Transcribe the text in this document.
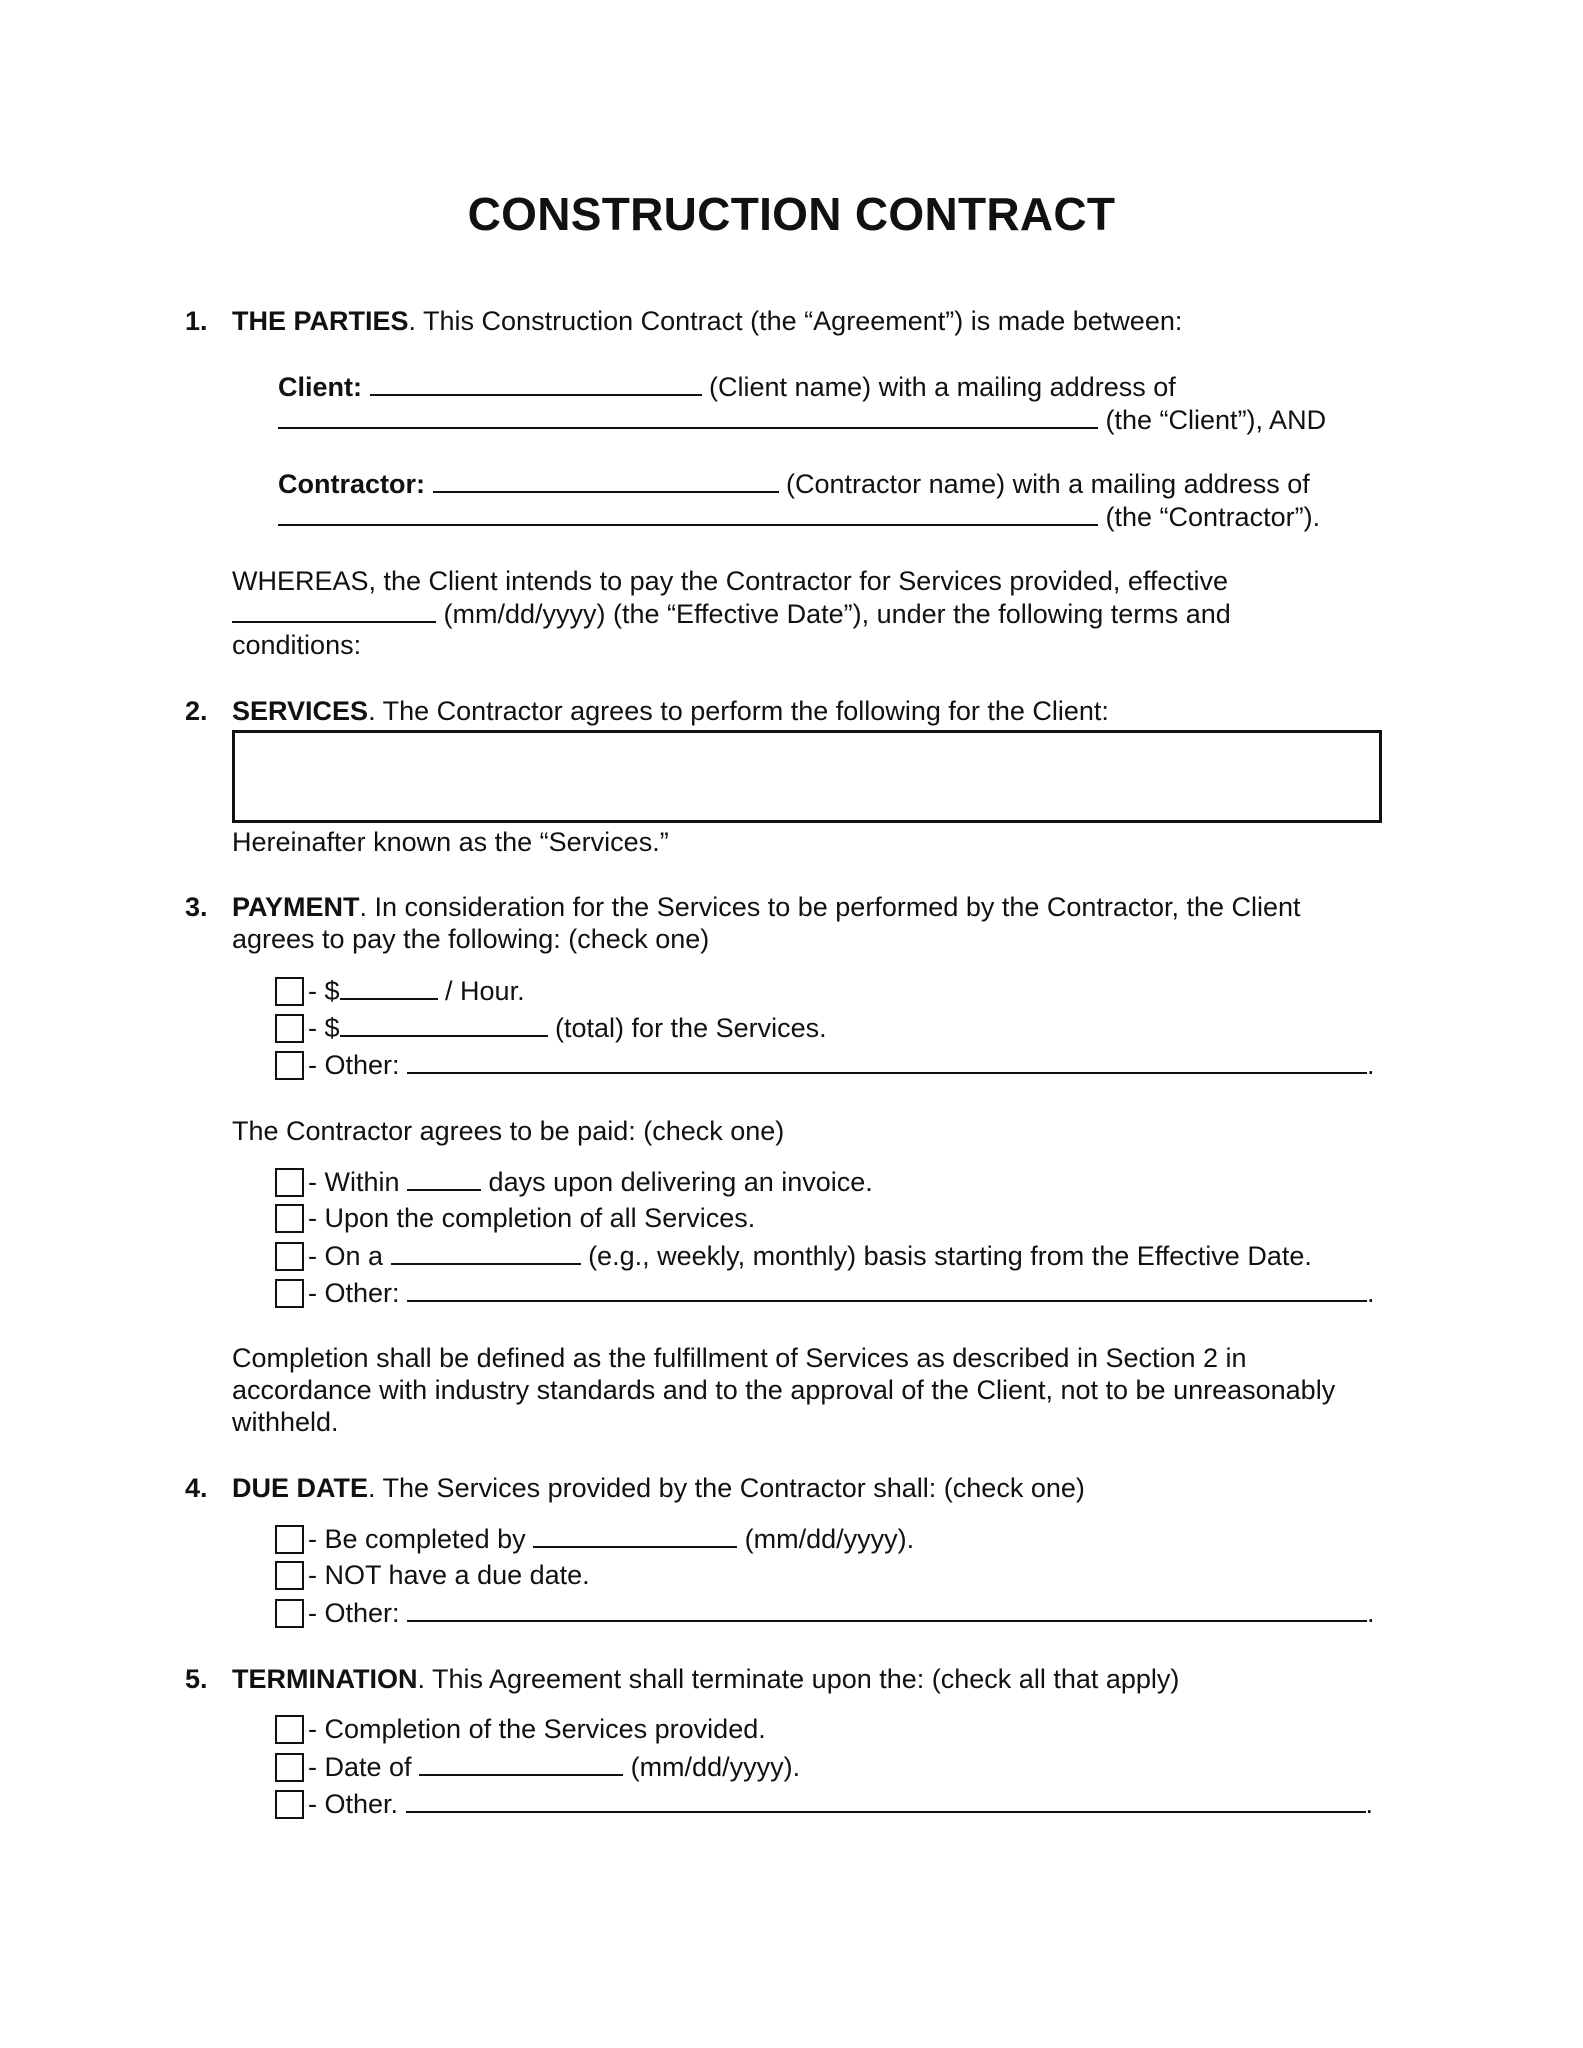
CONSTRUCTION CONTRACT
1. THE PARTIES. This Construction Contract (the “Agreement”) is made between:
Client:	(Client name) with a mailing address of
(the “Client”), AND
Contractor:	(Contractor name) with a mailing address of
(the “Contractor”).
WHEREAS, the Client intends to pay the Contractor for Services provided, effective
(mm/dd/yyyy) (the “Effective Date”), under the following terms and
conditions:
2. SERVICES. The Contractor agrees to perform the following for the Client:
Hereinafter known as the “Services.”
3. PAYMENT. In consideration for the Services to be performed by the Contractor, the Client
agrees to pay the following: (check one)
- $	/ Hour.
- $	(total) for the Services.
- Other:	.
The Contractor agrees to be paid: (check one)
- Within	days upon delivering an invoice.
- Upon the completion of all Services.
- On a	(e.g., weekly, monthly) basis starting from the Effective Date.
- Other:	.
Completion shall be defined as the fulfillment of Services as described in Section 2 in
accordance with industry standards and to the approval of the Client, not to be unreasonably
withheld.
4. DUE DATE. The Services provided by the Contractor shall: (check one)
- Be completed by	(mm/dd/yyyy).
- NOT have a due date.
- Other:	.
5. TERMINATION. This Agreement shall terminate upon the: (check all that apply)
- Completion of the Services provided.
- Date of	(mm/dd/yyyy).
- Other.	.
